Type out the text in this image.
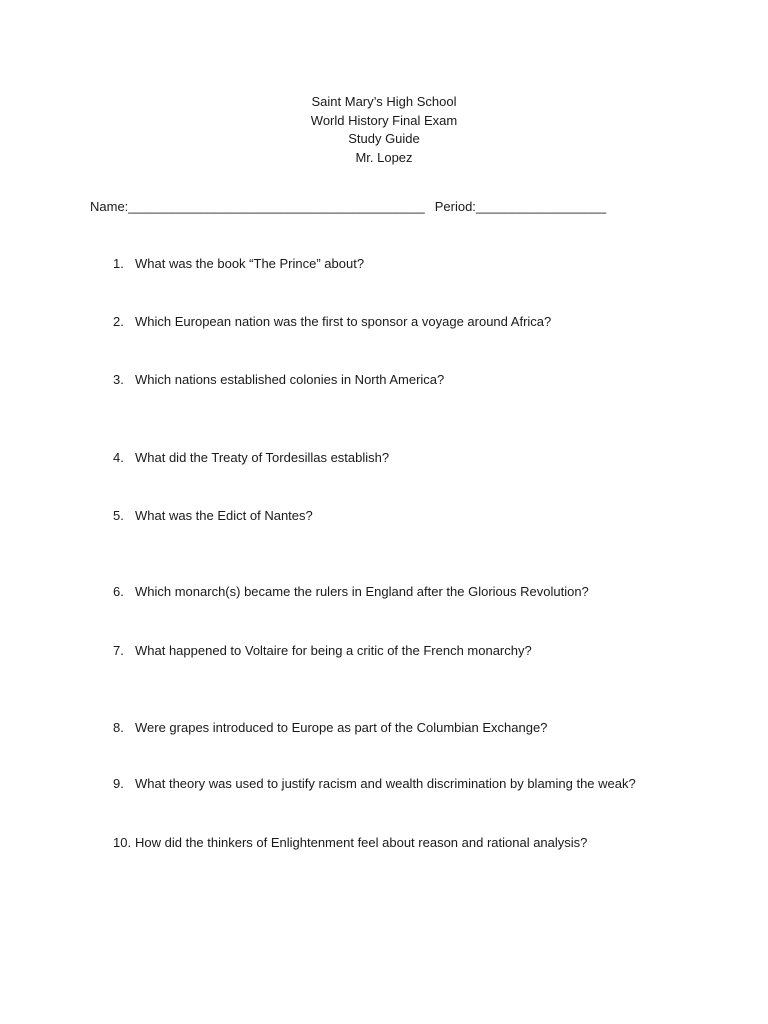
Saint Mary’s High School
World History Final Exam
Study Guide
Mr. Lopez
Name:_________________________________________ Period:__________________
1. What was the book “The Prince” about?
2. Which European nation was the first to sponsor a voyage around Africa?
3. Which nations established colonies in North America?
4. What did the Treaty of Tordesillas establish?
5. What was the Edict of Nantes?
6. Which monarch(s) became the rulers in England after the Glorious Revolution?
7. What happened to Voltaire for being a critic of the French monarchy?
8. Were grapes introduced to Europe as part of the Columbian Exchange?
9. What theory was used to justify racism and wealth discrimination by blaming the weak?
10. How did the thinkers of Enlightenment feel about reason and rational analysis?
